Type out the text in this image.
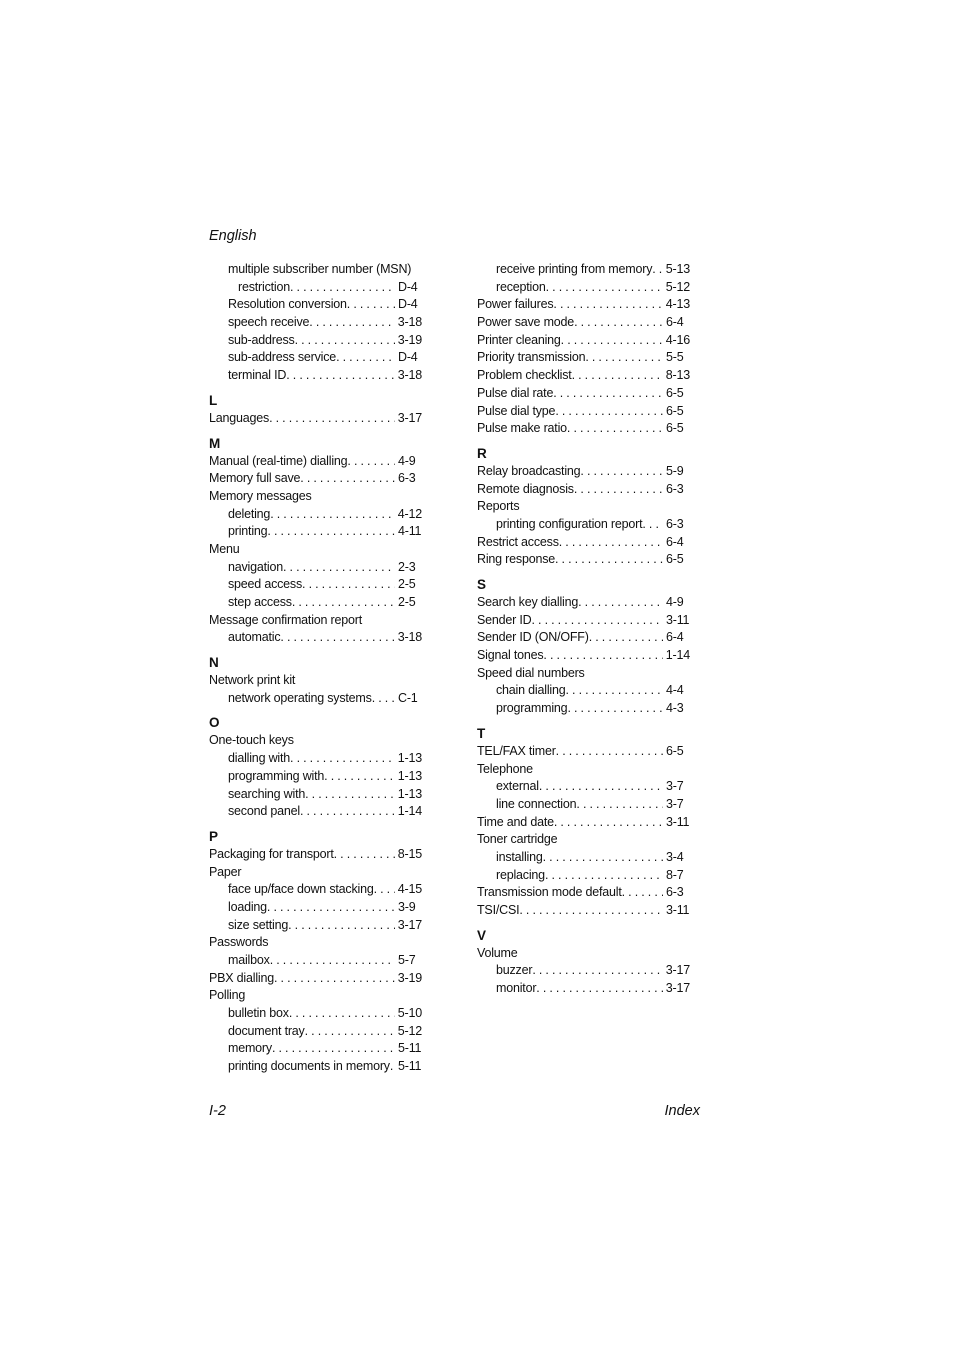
English
multiple subscriber number (MSN)
restriction . . .	D-4
Resolution conversion . . .	D-4
speech receive . . .	3-18
sub-address . . .	3-19
sub-address service . . .	D-4
terminal ID . . .	3-18
L
Languages . . .	3-17
M
Manual (real-time) dialling . . .	4-9
Memory full save . . .	6-3
Memory messages
deleting . . .	4-12
printing . . .	4-11
Menu
navigation . . .	2-3
speed access . . .	2-5
step access . . .	2-5
Message confirmation report
automatic . . .	3-18
N
Network print kit
network operating systems . . . C-1
O
One-touch keys
dialling with . . .	1-13
programming with . . .	1-13
searching with . . .	1-13
second panel . . .	1-14
P
Packaging for transport . . .	8-15
Paper
face up/face down stacking . . . 4-15
loading . . .	3-9
size setting . . .	3-17
Passwords
mailbox . . .	5-7
PBX dialling . . .	3-19
Polling
bulletin box . . .	5-10
document tray . . .	5-12
memory . . .	5-11
printing documents in memory . . . 5-11
receive printing from memory . . . 5-13
reception . . .	5-12
Power failures . . .	4-13
Power save mode . . .	6-4
Printer cleaning . . .	4-16
Priority transmission . . .	5-5
Problem checklist . . .	8-13
Pulse dial rate . . .	6-5
Pulse dial type . . .	6-5
Pulse make ratio . . .	6-5
R
Relay broadcasting . . .	5-9
Remote diagnosis . . .	6-3
Reports
printing configuration report . . . 6-3
Restrict access . . .	6-4
Ring response . . .	6-5
S
Search key dialling . . .	4-9
Sender ID . . .	3-11
Sender ID (ON/OFF) . . .	6-4
Signal tones . . .	1-14
Speed dial numbers
chain dialling . . .	4-4
programming . . .	4-3
T
TEL/FAX timer . . .	6-5
Telephone
external . . .	3-7
line connection . . .	3-7
Time and date . . .	3-11
Toner cartridge
installing . . .	3-4
replacing . . .	8-7
Transmission mode default . . .	6-3
TSI/CSI . . .	3-11
V
Volume
buzzer . . .	3-17
monitor . . .	3-17
I-2	Index
